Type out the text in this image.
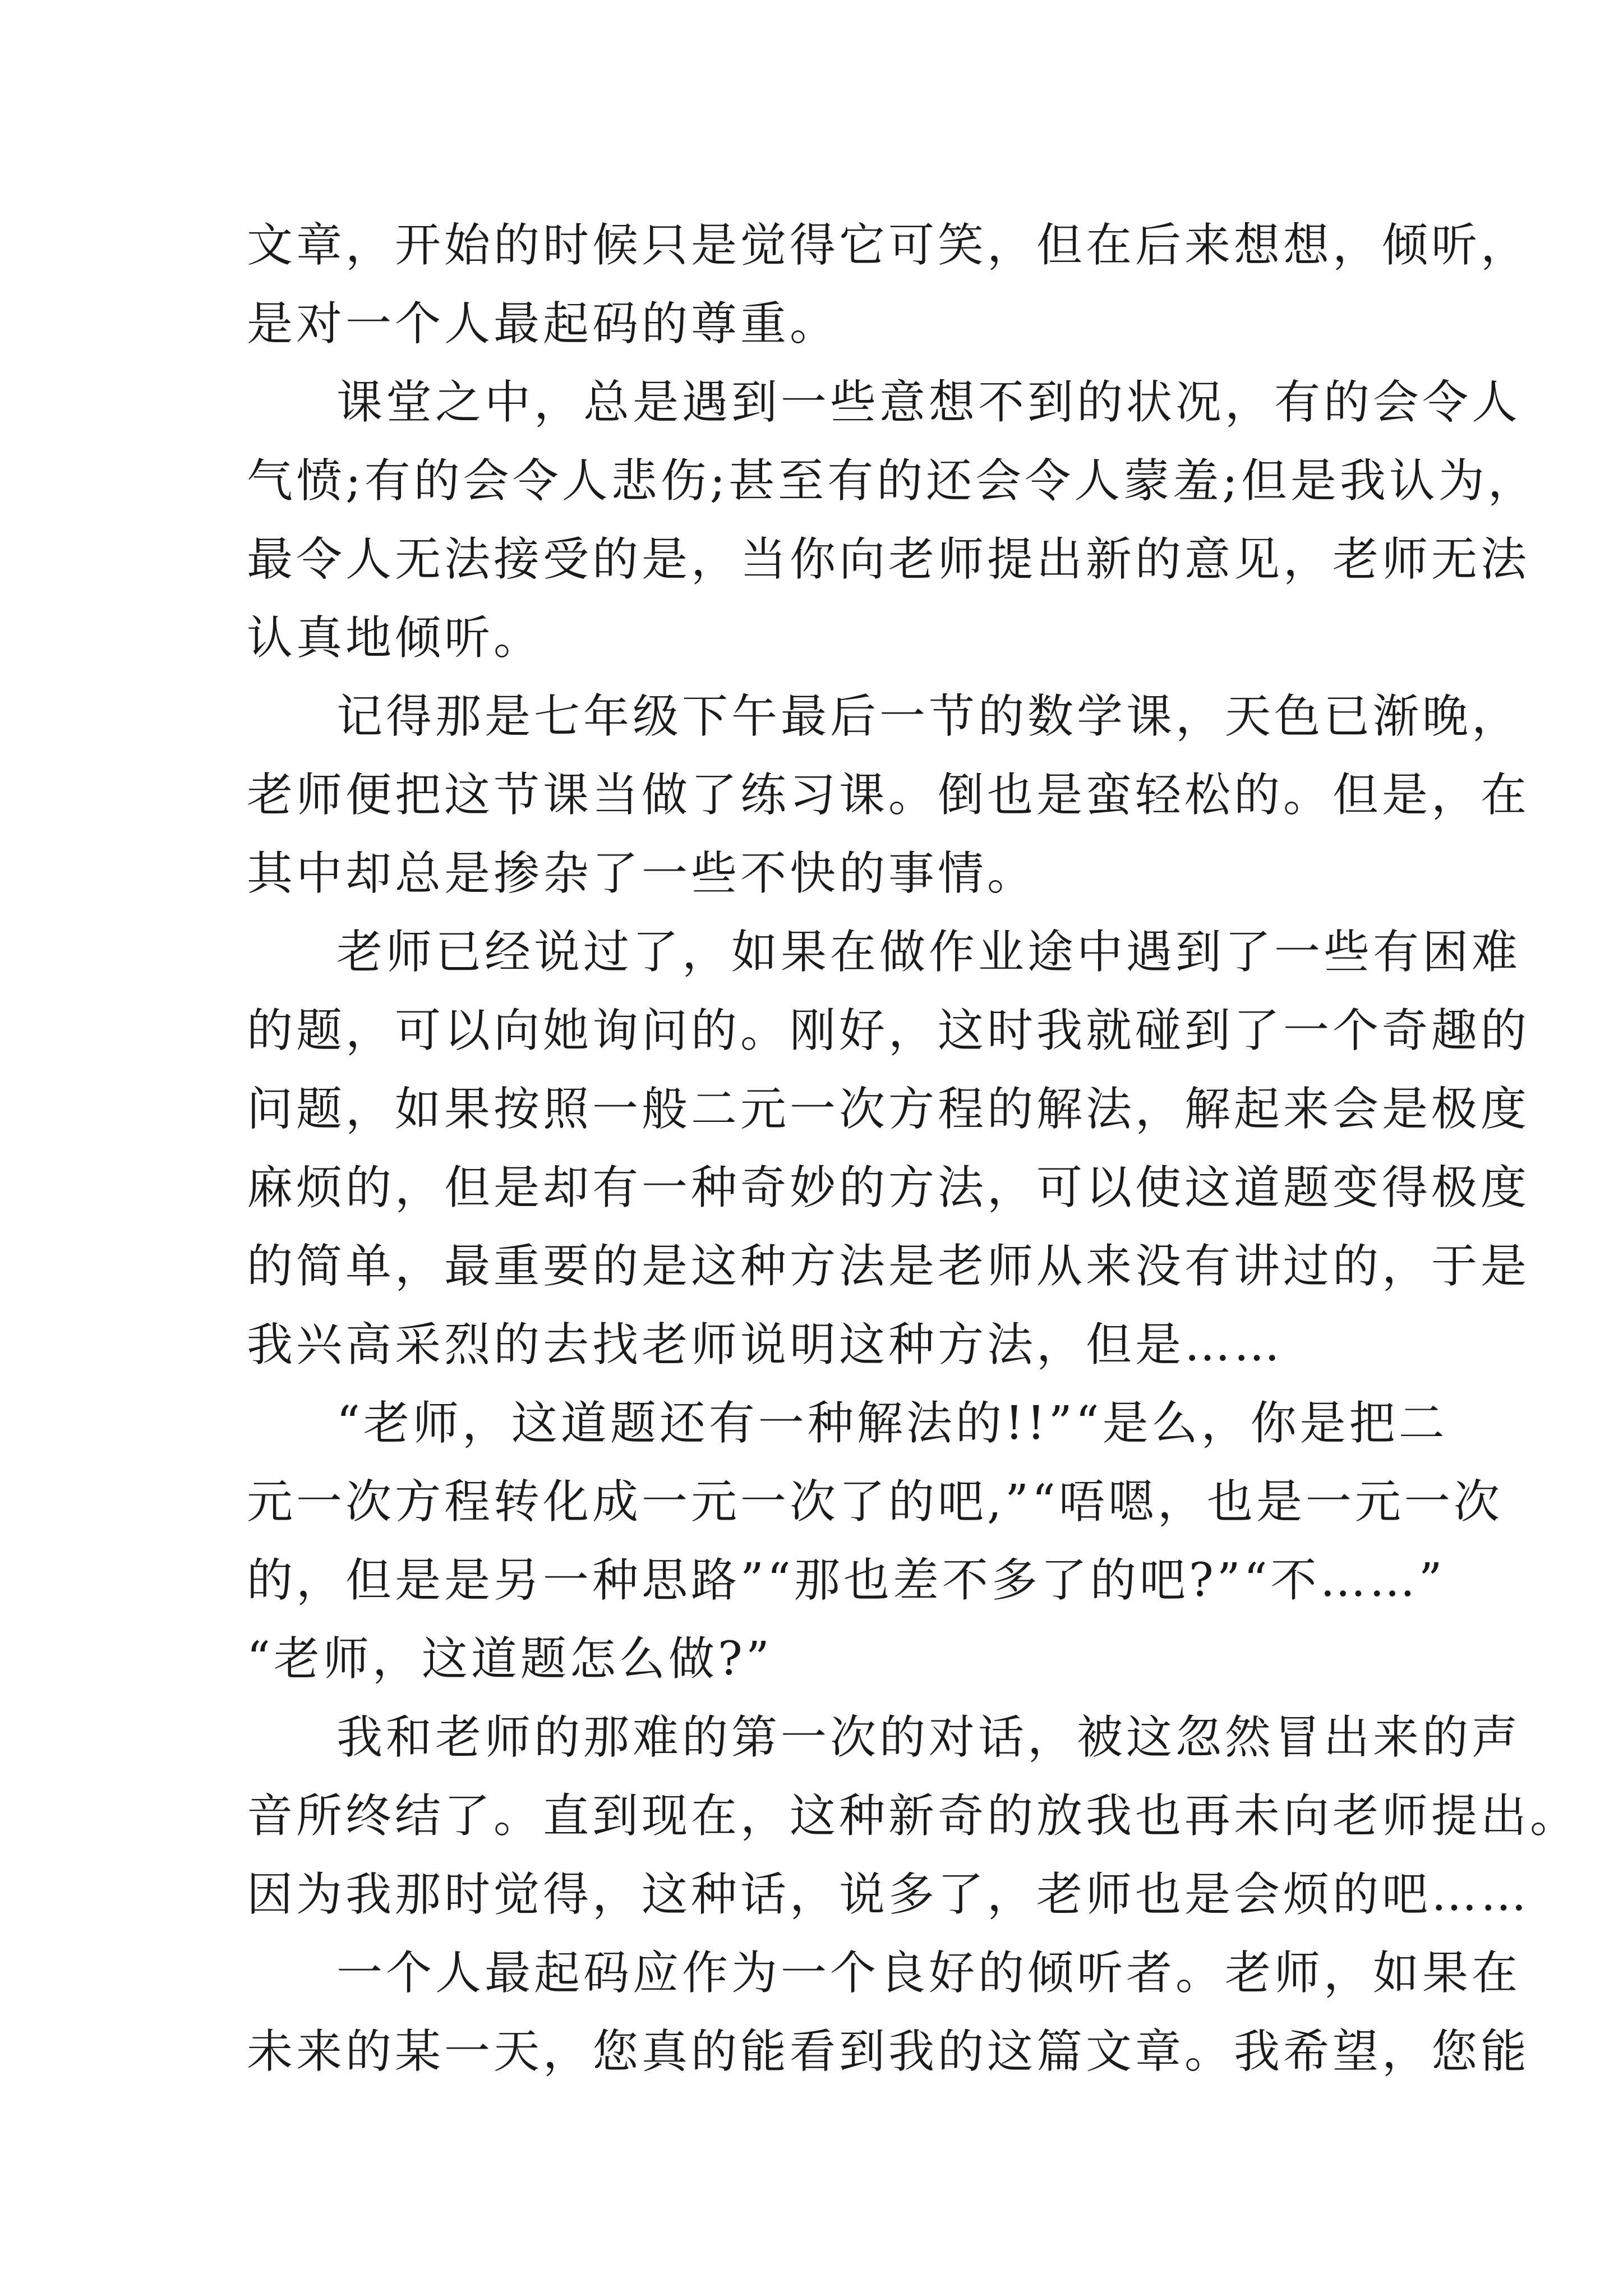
文章，开始的时候只是觉得它可笑，但在后来想想，倾听，
是对一个人最起码的尊重。
课堂之中，总是遇到一些意想不到的状况，有的会令人
气愤;有的会令人悲伤;甚至有的还会令人蒙羞;但是我认为，
最令人无法接受的是，当你向老师提出新的意见，老师无法
认真地倾听。
记得那是七年级下午最后一节的数学课，天色已渐晚，
老师便把这节课当做了练习课。倒也是蛮轻松的。但是，在
其中却总是掺杂了一些不快的事情。
老师已经说过了，如果在做作业途中遇到了一些有困难
的题，可以向她询问的。刚好，这时我就碰到了一个奇趣的
问题，如果按照一般二元一次方程的解法，解起来会是极度
麻烦的，但是却有一种奇妙的方法，可以使这道题变得极度
的简单，最重要的是这种方法是老师从来没有讲过的，于是
我兴高采烈的去找老师说明这种方法，但是……
“老师，这道题还有一种解法的!!”“是么，你是把二
元一次方程转化成一元一次了的吧,”“唔嗯，也是一元一次
的，但是是另一种思路”“那也差不多了的吧?”“不……”
“老师，这道题怎么做?”
我和老师的那难的第一次的对话，被这忽然冒出来的声
音所终结了。直到现在，这种新奇的放我也再未向老师提出。
因为我那时觉得，这种话，说多了，老师也是会烦的吧……
一个人最起码应作为一个良好的倾听者。老师，如果在
未来的某一天，您真的能看到我的这篇文章。我希望，您能
